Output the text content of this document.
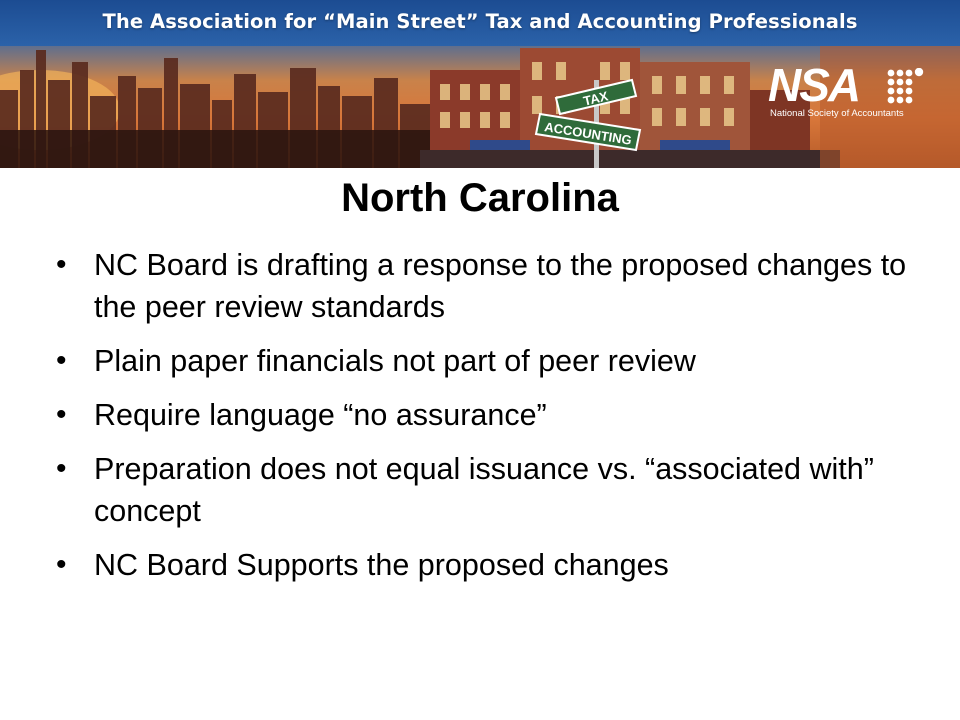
TAX
ACCOUNTING
The Association for “Main Street” Tax and Accounting Professionals
NSA
National Society of Accountants
North Carolina
• NC Board is drafting a response to the proposed changes to the peer review standards
• Plain paper financials not part of peer review
• Require language “no assurance”
• Preparation does not equal issuance vs. “associated with” concept
• NC Board Supports the proposed changes
